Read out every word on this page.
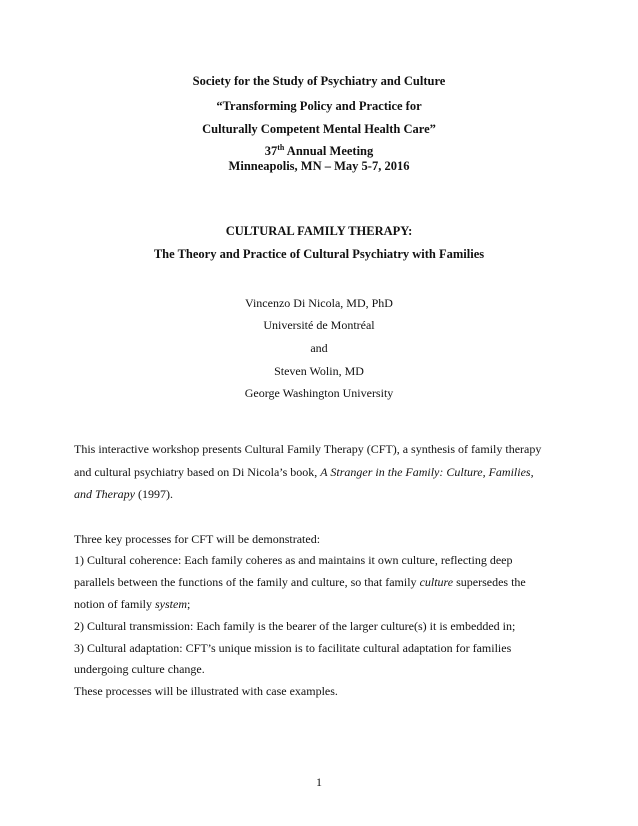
Society for the Study of Psychiatry and Culture
“Transforming Policy and Practice for
Culturally Competent Mental Health Care”
37th Annual Meeting
Minneapolis, MN – May 5-7, 2016
CULTURAL FAMILY THERAPY:
The Theory and Practice of Cultural Psychiatry with Families
Vincenzo Di Nicola, MD, PhD
Université de Montréal
and
Steven Wolin, MD
George Washington University
This interactive workshop presents Cultural Family Therapy (CFT), a synthesis of family therapy
and cultural psychiatry based on Di Nicola’s book, A Stranger in the Family: Culture, Families,
and Therapy (1997).
Three key processes for CFT will be demonstrated:
1) Cultural coherence: Each family coheres as and maintains it own culture, reflecting deep
parallels between the functions of the family and culture, so that family culture supersedes the
notion of family system;
2) Cultural transmission: Each family is the bearer of the larger culture(s) it is embedded in;
3) Cultural adaptation: CFT’s unique mission is to facilitate cultural adaptation for families
undergoing culture change.
These processes will be illustrated with case examples.
1
